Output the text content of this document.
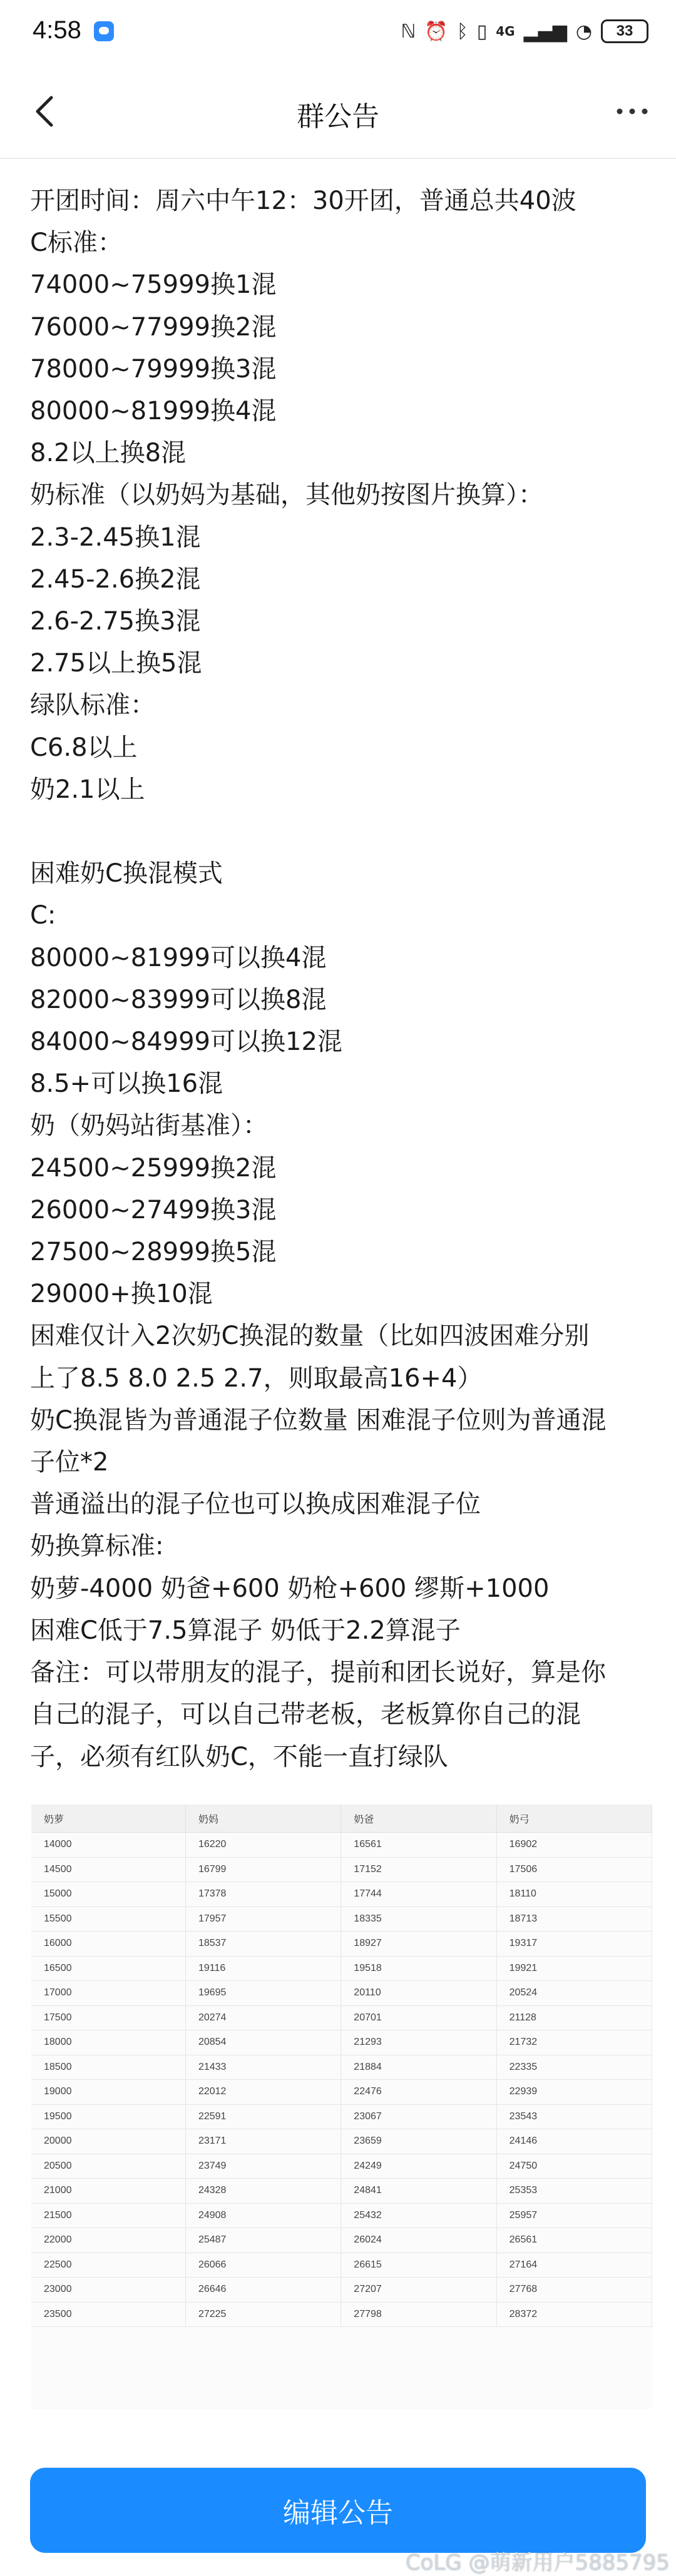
4:58	ℕ ⏰ ᛒ ▯ 4G ▂▄▆ ◔ 33
群公告
开团时间：周六中午12：30开团，普通总共40波
C标准：
74000~75999换1混
76000~77999换2混
78000~79999换3混
80000~81999换4混
8.2以上换8混
奶标准（以奶妈为基础，其他奶按图片换算）：
2.3-2.45换1混
2.45-2.6换2混
2.6-2.75换3混
2.75以上换5混
绿队标准：
C6.8以上
奶2.1以上
困难奶C换混模式
C:
80000~81999可以换4混
82000~83999可以换8混
84000~84999可以换12混
8.5+可以换16混
奶（奶妈站街基准）：
24500~25999换2混
26000~27499换3混
27500~28999换5混
29000+换10混
困难仅计入2次奶C换混的数量（比如四波困难分别
上了8.5 8.0 2.5 2.7，则取最高16+4）
奶C换混皆为普通混子位数量 困难混子位则为普通混
子位*2
普通溢出的混子位也可以换成困难混子位
奶换算标准:
奶萝-4000 奶爸+600 奶枪+600 缪斯+1000
困难C低于7.5算混子 奶低于2.2算混子
备注：可以带朋友的混子，提前和团长说好，算是你
自己的混子，可以自己带老板，老板算你自己的混
子，必须有红队奶C，不能一直打绿队
奶萝	奶妈	奶爸	奶弓
14000	16220	16561	16902
14500	16799	17152	17506
15000	17378	17744	18110
15500	17957	18335	18713
16000	18537	18927	19317
16500	19116	19518	19921
17000	19695	20110	20524
17500	20274	20701	21128
18000	20854	21293	21732
18500	21433	21884	22335
19000	22012	22476	22939
19500	22591	23067	23543
20000	23171	23659	24146
20500	23749	24249	24750
21000	24328	24841	25353
21500	24908	25432	25957
22000	25487	26024	26561
22500	26066	26615	27164
23000	26646	27207	27768
23500	27225	27798	28372
编辑公告
CoLG @萌新用户5885795
